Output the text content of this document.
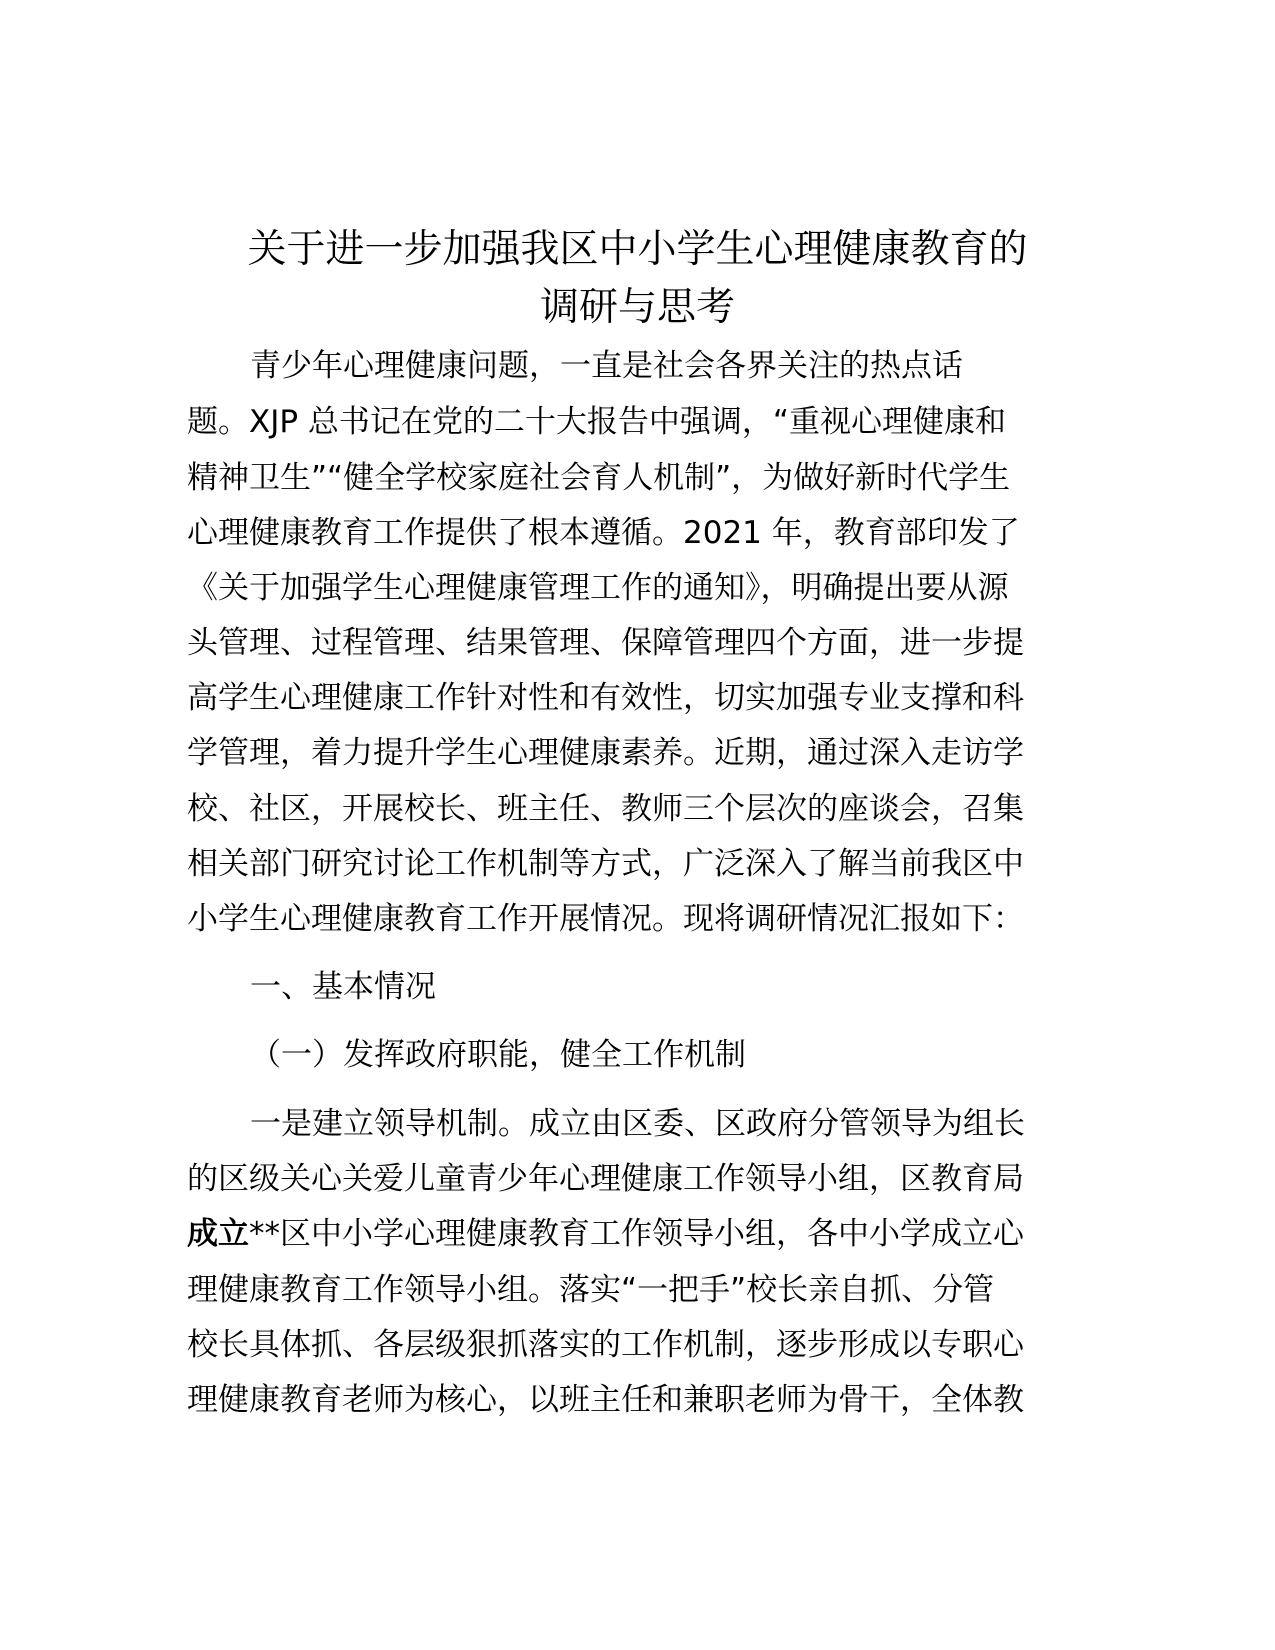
关于进一步加强我区中小学生心理健康教育的
调研与思考

青少年心理健康问题，一直是社会各界关注的热点话

题。XJP 总书记在党的二十大报告中强调，“重视心理健康和

精神卫生”“健全学校家庭社会育人机制”，为做好新时代学生

心理健康教育工作提供了根本遵循。2021 年，教育部印发了

《关于加强学生心理健康管理工作的通知》，明确提出要从源

头管理、过程管理、结果管理、保障管理四个方面，进一步提

高学生心理健康工作针对性和有效性，切实加强专业支撑和科

学管理，着力提升学生心理健康素养。近期，通过深入走访学

校、社区，开展校长、班主任、教师三个层次的座谈会，召集

相关部门研究讨论工作机制等方式，广泛深入了解当前我区中

小学生心理健康教育工作开展情况。现将调研情况汇报如下：

一、基本情况

（一）发挥政府职能，健全工作机制

一是建立领导机制。成立由区委、区政府分管领导为组长

的区级关心关爱儿童青少年心理健康工作领导小组，区教育局

成立**区中小学心理健康教育工作领导小组，各中小学成立心

理健康教育工作领导小组。落实“一把手”校长亲自抓、分管

校长具体抓、各层级狠抓落实的工作机制，逐步形成以专职心

理健康教育老师为核心，以班主任和兼职老师为骨干，全体教
